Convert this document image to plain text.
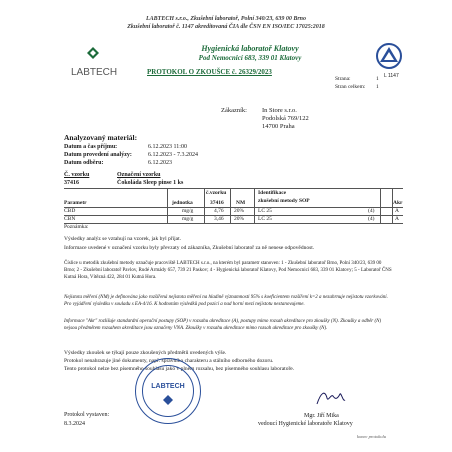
LABTECH s.r.o., Zkušební laboratoř, Polní 340/23, 639 00 Brno
Zkušební laboratoř č. 1147 akreditovaná ČIA dle ČSN EN ISO/IEC 17025:2018
LABTECH
Hygienická laboratoř Klatovy
Pod Nemocnicí 683, 339 01 Klatovy
PROTOKOL O ZKOUŠCE č. 26329/2023	L 1147
Strana:	1
Stran celkem: 1
Zákazník: In Store s.r.o.
Podolská 769/122
14700 Praha
Analyzovaný materiál:
Datum a čas příjmu:	6.12.2023 11:00
Datum provedení analýzy:	6.12.2023 - 7.3.2024
Datum odběru:	6.12.2023
Č. vzorku	Označení vzorku
37416	Čokoláda Sleep pinse 1 ks
Parametr	jednotka
č.vzorku
37416 NM
Identifikace
zkušební metody SOP	Akr
CBD	mg/g	4,76 20%	LC 25	(4)	A
CBN	mg/g	3,46 20%	LC 25	(4)	A
Poznámka:
Výsledky analýz se vztahují na vzorek, jak byl přijat.
Informace uvedené v označení vzorku byly převzaty od zákazníka, Zkušební laboratoř za ně nenese odpovědnost.
Číslice u metodik zkušební metody označuje pracoviště LABTECH s.r.o., na kterém byl parametr stanoven: 1 - Zkušební laboratoř Brno, Polní 340/23, 639 00 Brno; 2 - Zkušební laboratoř Pavlov, Rudé Armády 657, 739 21 Paskov; 4 - Hygienická laboratoř Klatovy, Pod Nemocnicí 683, 339 01 Klatovy; 5 - Laboratoř ČNS Kutná Hora, Vítězná 422, 284 01 Kutná Hora.
Nejistota měření (NM) je definována jako rozšířená nejistota měření na hladině významnosti 95% s koeficientem rozšíření k=2 a nezahrnuje nejistotu vzorkování. Pro vyjádření výsledku v souladu s EA-4/16. K hodnotám výsledků pod pozicí a nad horní mezí nejistotu nestanovujeme.
Informace "Akr" rozlišuje standardní operační postupy (SOP) v rozsahu akreditace (A), postupy mimo rozsah akreditace pro zkoušky (N). Zkoušky a odběr (N) nejsou předmětem rozsahem akreditace jsou označeny VNA. Zkoušky v rozsahu akreditace mimo rozsah akreditace pro zkoušky (N).
Výsledky zkoušek se týkají pouze zkoušených předmětů uvedených výše.
Protokol nenahrazuje jiné dokumenty, např. správního charakteru a stálního odborného dozoru.
Tento protokol nelze bez písemného souhlasu jako v plném rozsahu, bez písemného souhlasu laboratoře.
LABTECH
Protokol vystaven:
8.3.2024
Mgr. Jiří Mika
vedoucí Hygienické laboratoře Klatovy
konec protokolu
